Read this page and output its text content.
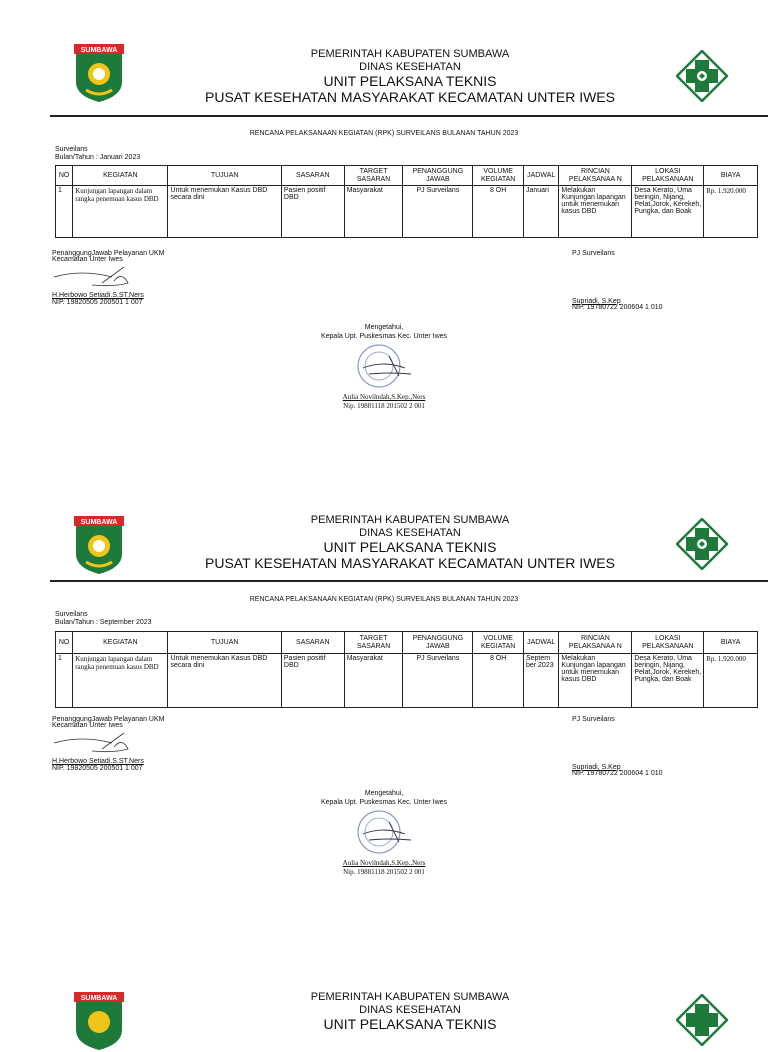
SUMBAWA	PEMERINTAH KABUPATEN SUMBAWA
DINAS KESEHATAN
UNIT PELAKSANA TEKNIS
PUSAT KESEHATAN MASYARAKAT KECAMATAN UNTER IWES
RENCANA PELAKSANAAN KEGIATAN (RPK) SURVEILANS BULANAN TAHUN 2023
Surveilans
Bulan/Tahun : Januari 2023
NO	KEGIATAN	TUJUAN	SASARAN	TARGET SASARAN	PENANGGUNG JAWAB	VOLUME KEGIATAN	JADWAL	RINCIAN PELAKSANAA N	LOKASI PELAKSANAAN	BIAYA
1	Kunjungan lapangan dalam rangka penemuan kasus DBD	Untuk menemukan Kasus DBD secara dini	Pasien positif DBD	Masyarakat	PJ Surveilans	8 OH	Januari	Melakukan Kunjungan lapangan untuk menemukan kasus DBD	Desa Kerato, Uma beringin, Nijang, Pelat,Jorok, Kerekeh, Pungka, dan Boak	Rp. 1.920.000
PenanggungJawab Pelayanan UKM
Kecamatan Unter Iwes
H.Herbowo Setiadi.S.ST.Ners
NIP. 19820505 200501 1 007
PJ Surveilans
Supriadi, S.Kep
NIP. 19780722 200604 1 010
Mengetahui,
Kepala Upt. Puskesmas Kec. Unter Iwes
Aulia Novilndah,S.Kep.,Ners
Nip. 19881118 201502 2 001
SUMBAWA	PEMERINTAH KABUPATEN SUMBAWA
DINAS KESEHATAN
UNIT PELAKSANA TEKNIS
PUSAT KESEHATAN MASYARAKAT KECAMATAN UNTER IWES
RENCANA PELAKSANAAN KEGIATAN (RPK) SURVEILANS BULANAN TAHUN 2023
Surveilans
Bulan/Tahun : September 2023
NO	KEGIATAN	TUJUAN	SASARAN	TARGET SASARAN	PENANGGUNG JAWAB	VOLUME KEGIATAN	JADWAL	RINCIAN PELAKSANAA N	LOKASI PELAKSANAAN	BIAYA
1	Kunjungan lapangan dalam rangka penemuan kasus DBD	Untuk menemukan Kasus DBD secara dini	Pasien positif DBD	Masyarakat	PJ Surveilans	8 OH	Septem ber 2023	Melakukan Kunjungan lapangan untuk menemukan kasus DBD	Desa Kerato, Uma beringin, Nijang, Pelat,Jorok, Kerekeh, Pungka, dan Boak	Rp. 1.920.000
PenanggungJawab Pelayanan UKM
Kecamatan Unter Iwes
H.Herbowo Setiadi.S.ST.Ners
NIP. 19820505 200501 1 007
PJ Surveilans
Supriadi, S.Kep
NIP. 19780722 200604 1 010
Mengetahui,
Kepala Upt. Puskesmas Kec. Unter Iwes
Aulia Novilndah,S.Kep.,Ners
Nip. 19881118 201502 2 001
SUMBAWA	PEMERINTAH KABUPATEN SUMBAWA
DINAS KESEHATAN
UNIT PELAKSANA TEKNIS
